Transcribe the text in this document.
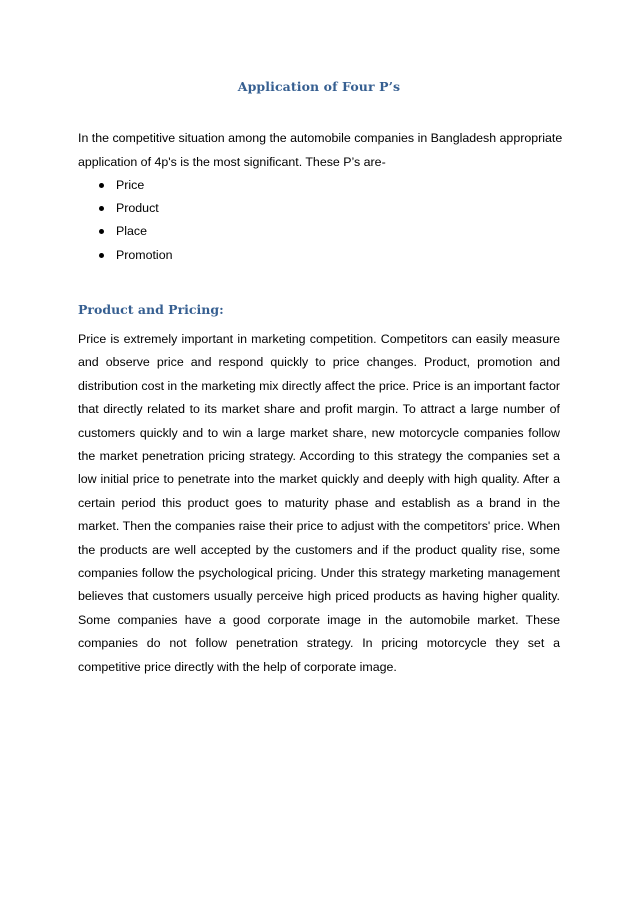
Application of Four P’s

In the competitive situation among the automobile companies in Bangladesh appropriate application of 4p's is the most significant. These P’s are-

Price
Product
Place
Promotion
Product and Pricing:

Price is extremely important in marketing competition. Competitors can easily measure and observe price and respond quickly to price changes. Product, promotion and distribution cost in the marketing mix directly affect the price. Price is an important factor that directly related to its market share and profit margin. To attract a large number of customers quickly and to win a large market share, new motorcycle companies follow the market penetration pricing strategy. According to this strategy the companies set a low initial price to penetrate into the market quickly and deeply with high quality. After a certain period this product goes to maturity phase and establish as a brand in the market. Then the companies raise their price to adjust with the competitors' price. When the products are well accepted by the customers and if the product quality rise, some companies follow the psychological pricing. Under this strategy marketing management believes that customers usually perceive high priced products as having higher quality. Some companies have a good corporate image in the automobile market. These companies do not follow penetration strategy. In pricing motorcycle they set a competitive price directly with the help of corporate image.
